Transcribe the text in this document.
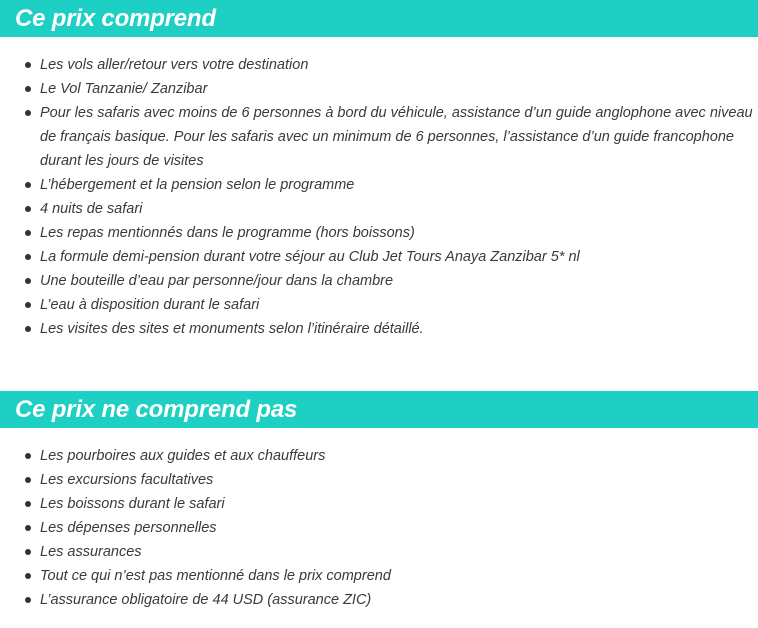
Ce prix comprend
Les vols aller/retour vers votre destination
Le Vol Tanzanie/ Zanzibar
Pour les safaris avec moins de 6 personnes à bord du véhicule, assistance d’un guide anglophone avec niveau de français basique. Pour les safaris avec un minimum de 6 personnes, l’assistance d’un guide francophone durant les jours de visites
L’hébergement et la pension selon le programme
4 nuits de safari
Les repas mentionnés dans le programme (hors boissons)
La formule demi-pension durant votre séjour au Club Jet Tours Anaya Zanzibar 5* nl
Une bouteille d’eau par personne/jour dans la chambre
L’eau à disposition durant le safari
Les visites des sites et monuments selon l’itinéraire détaillé.
Ce prix ne comprend pas
Les pourboires aux guides et aux chauffeurs
Les excursions facultatives
Les boissons durant le safari
Les dépenses personnelles
Les assurances
Tout ce qui n’est pas mentionné dans le prix comprend
L’assurance obligatoire de 44 USD (assurance ZIC)
